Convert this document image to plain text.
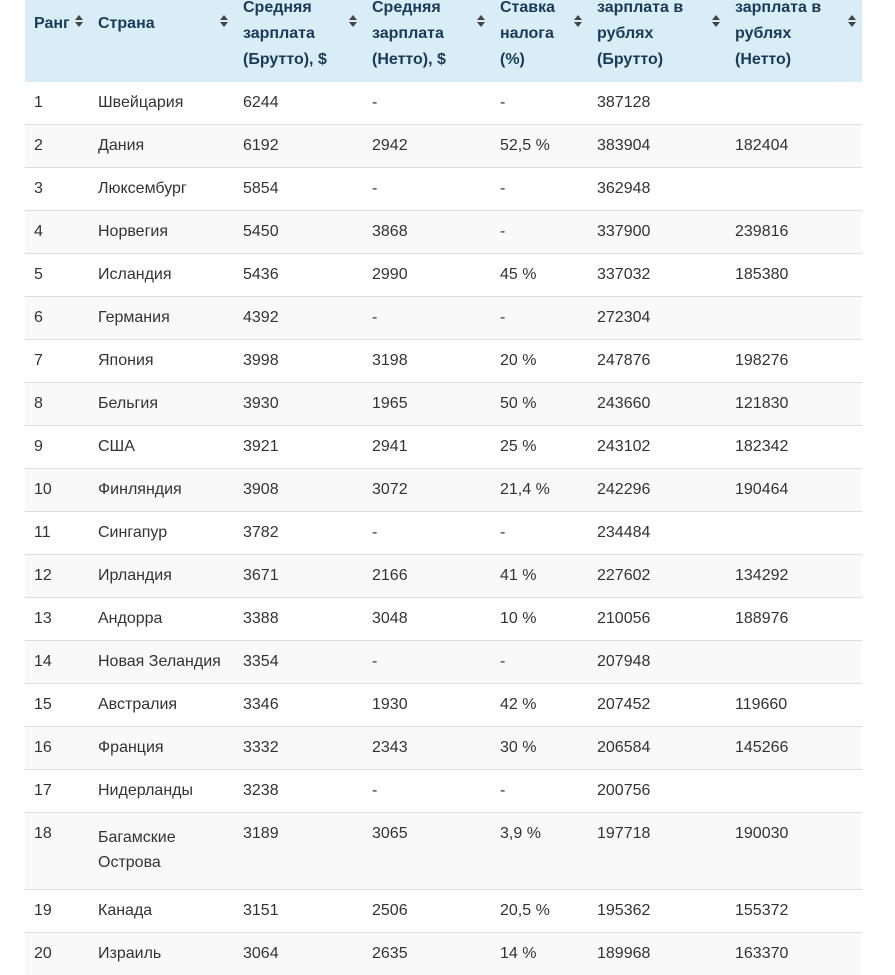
Ранг	Страна	Средняя зарплата (Брутто), $	Средняя зарплата (Нетто), $	Ставка налога (%)	зарплата в рублях (Брутто)	зарплата в рублях (Нетто)

1	Швейцария	6244	-	-	387128	
2	Дания	6192	2942	52,5 %	383904	182404
3	Люксембург	5854	-	-	362948	
4	Норвегия	5450	3868	-	337900	239816
5	Исландия	5436	2990	45 %	337032	185380
6	Германия	4392	-	-	272304	
7	Япония	3998	3198	20 %	247876	198276
8	Бельгия	3930	1965	50 %	243660	121830
9	США	3921	2941	25 %	243102	182342
10	Финляндия	3908	3072	21,4 %	242296	190464
11	Сингапур	3782	-	-	234484	
12	Ирландия	3671	2166	41 %	227602	134292
13	Андорра	3388	3048	10 %	210056	188976
14	Новая Зеландия	3354	-	-	207948	
15	Австралия	3346	1930	42 %	207452	119660
16	Франция	3332	2343	30 %	206584	145266
17	Нидерланды	3238	-	-	200756	
18	Багамские Острова	3189	3065	3,9 %	197718	190030
19	Канада	3151	2506	20,5 %	195362	155372
20	Израиль	3064	2635	14 %	189968	163370
